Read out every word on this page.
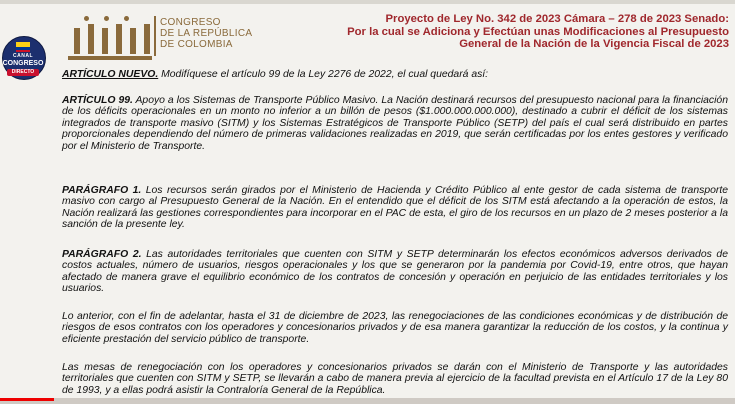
CONGRESO
DE LA REPÚBLICA
DE COLOMBIA
Proyecto de Ley No. 342 de 2023 Cámara – 278 de 2023 Senado:
Por la cual se Adiciona y Efectúan unas Modificaciones al Presupuesto
General de la Nación de la Vigencia Fiscal de 2023
CANAL
CONGRESO
DIRECTO	ARTÍCULO NUEVO. Modifíquese el artículo 99 de la Ley 2276 de 2022, el cual quedará así:

ARTÍCULO 99. Apoyo a los Sistemas de Transporte Público Masivo. La Nación destinará recursos del presupuesto nacional para la financiación de los déficits operacionales en un monto no inferior a un billón de pesos ($1.000.000.000.000), destinado a cubrir el déficit de los sistemas integrados de transporte masivo (SITM) y los Sistemas Estratégicos de Transporte Público (SETP) del país el cual será distribuido en partes proporcionales dependiendo del número de primeras validaciones realizadas en 2019, que serán certificadas por los entes gestores y verificado por el Ministerio de Transporte.

PARÁGRAFO 1. Los recursos serán girados por el Ministerio de Hacienda y Crédito Público al ente gestor de cada sistema de transporte masivo con cargo al Presupuesto General de la Nación. En el entendido que el déficit de los SITM está afectando a la operación de estos, la Nación realizará las gestiones correspondientes para incorporar en el PAC de esta, el giro de los recursos en un plazo de 2 meses posterior a la sanción de la presente ley.

PARÁGRAFO 2. Las autoridades territoriales que cuenten con SITM y SETP determinarán los efectos económicos adversos derivados de costos actuales, número de usuarios, riesgos operacionales y los que se generaron por la pandemia por Covid-19, entre otros, que hayan afectado de manera grave el equilibrio económico de los contratos de concesión y operación en perjuicio de las entidades territoriales y los usuarios.

Lo anterior, con el fin de adelantar, hasta el 31 de diciembre de 2023, las renegociaciones de las condiciones económicas y de distribución de riesgos de esos contratos con los operadores y concesionarios privados y de esa manera garantizar la reducción de los costos, y la continua y eficiente prestación del servicio público de transporte.

Las mesas de renegociación con los operadores y concesionarios privados se darán con el Ministerio de Transporte y las autoridades territoriales que cuenten con SITM y SETP, se llevarán a cabo de manera previa al ejercicio de la facultad prevista en el Artículo 17 de la Ley 80 de 1993, y a ellas podrá asistir la Contraloría General de la República.
